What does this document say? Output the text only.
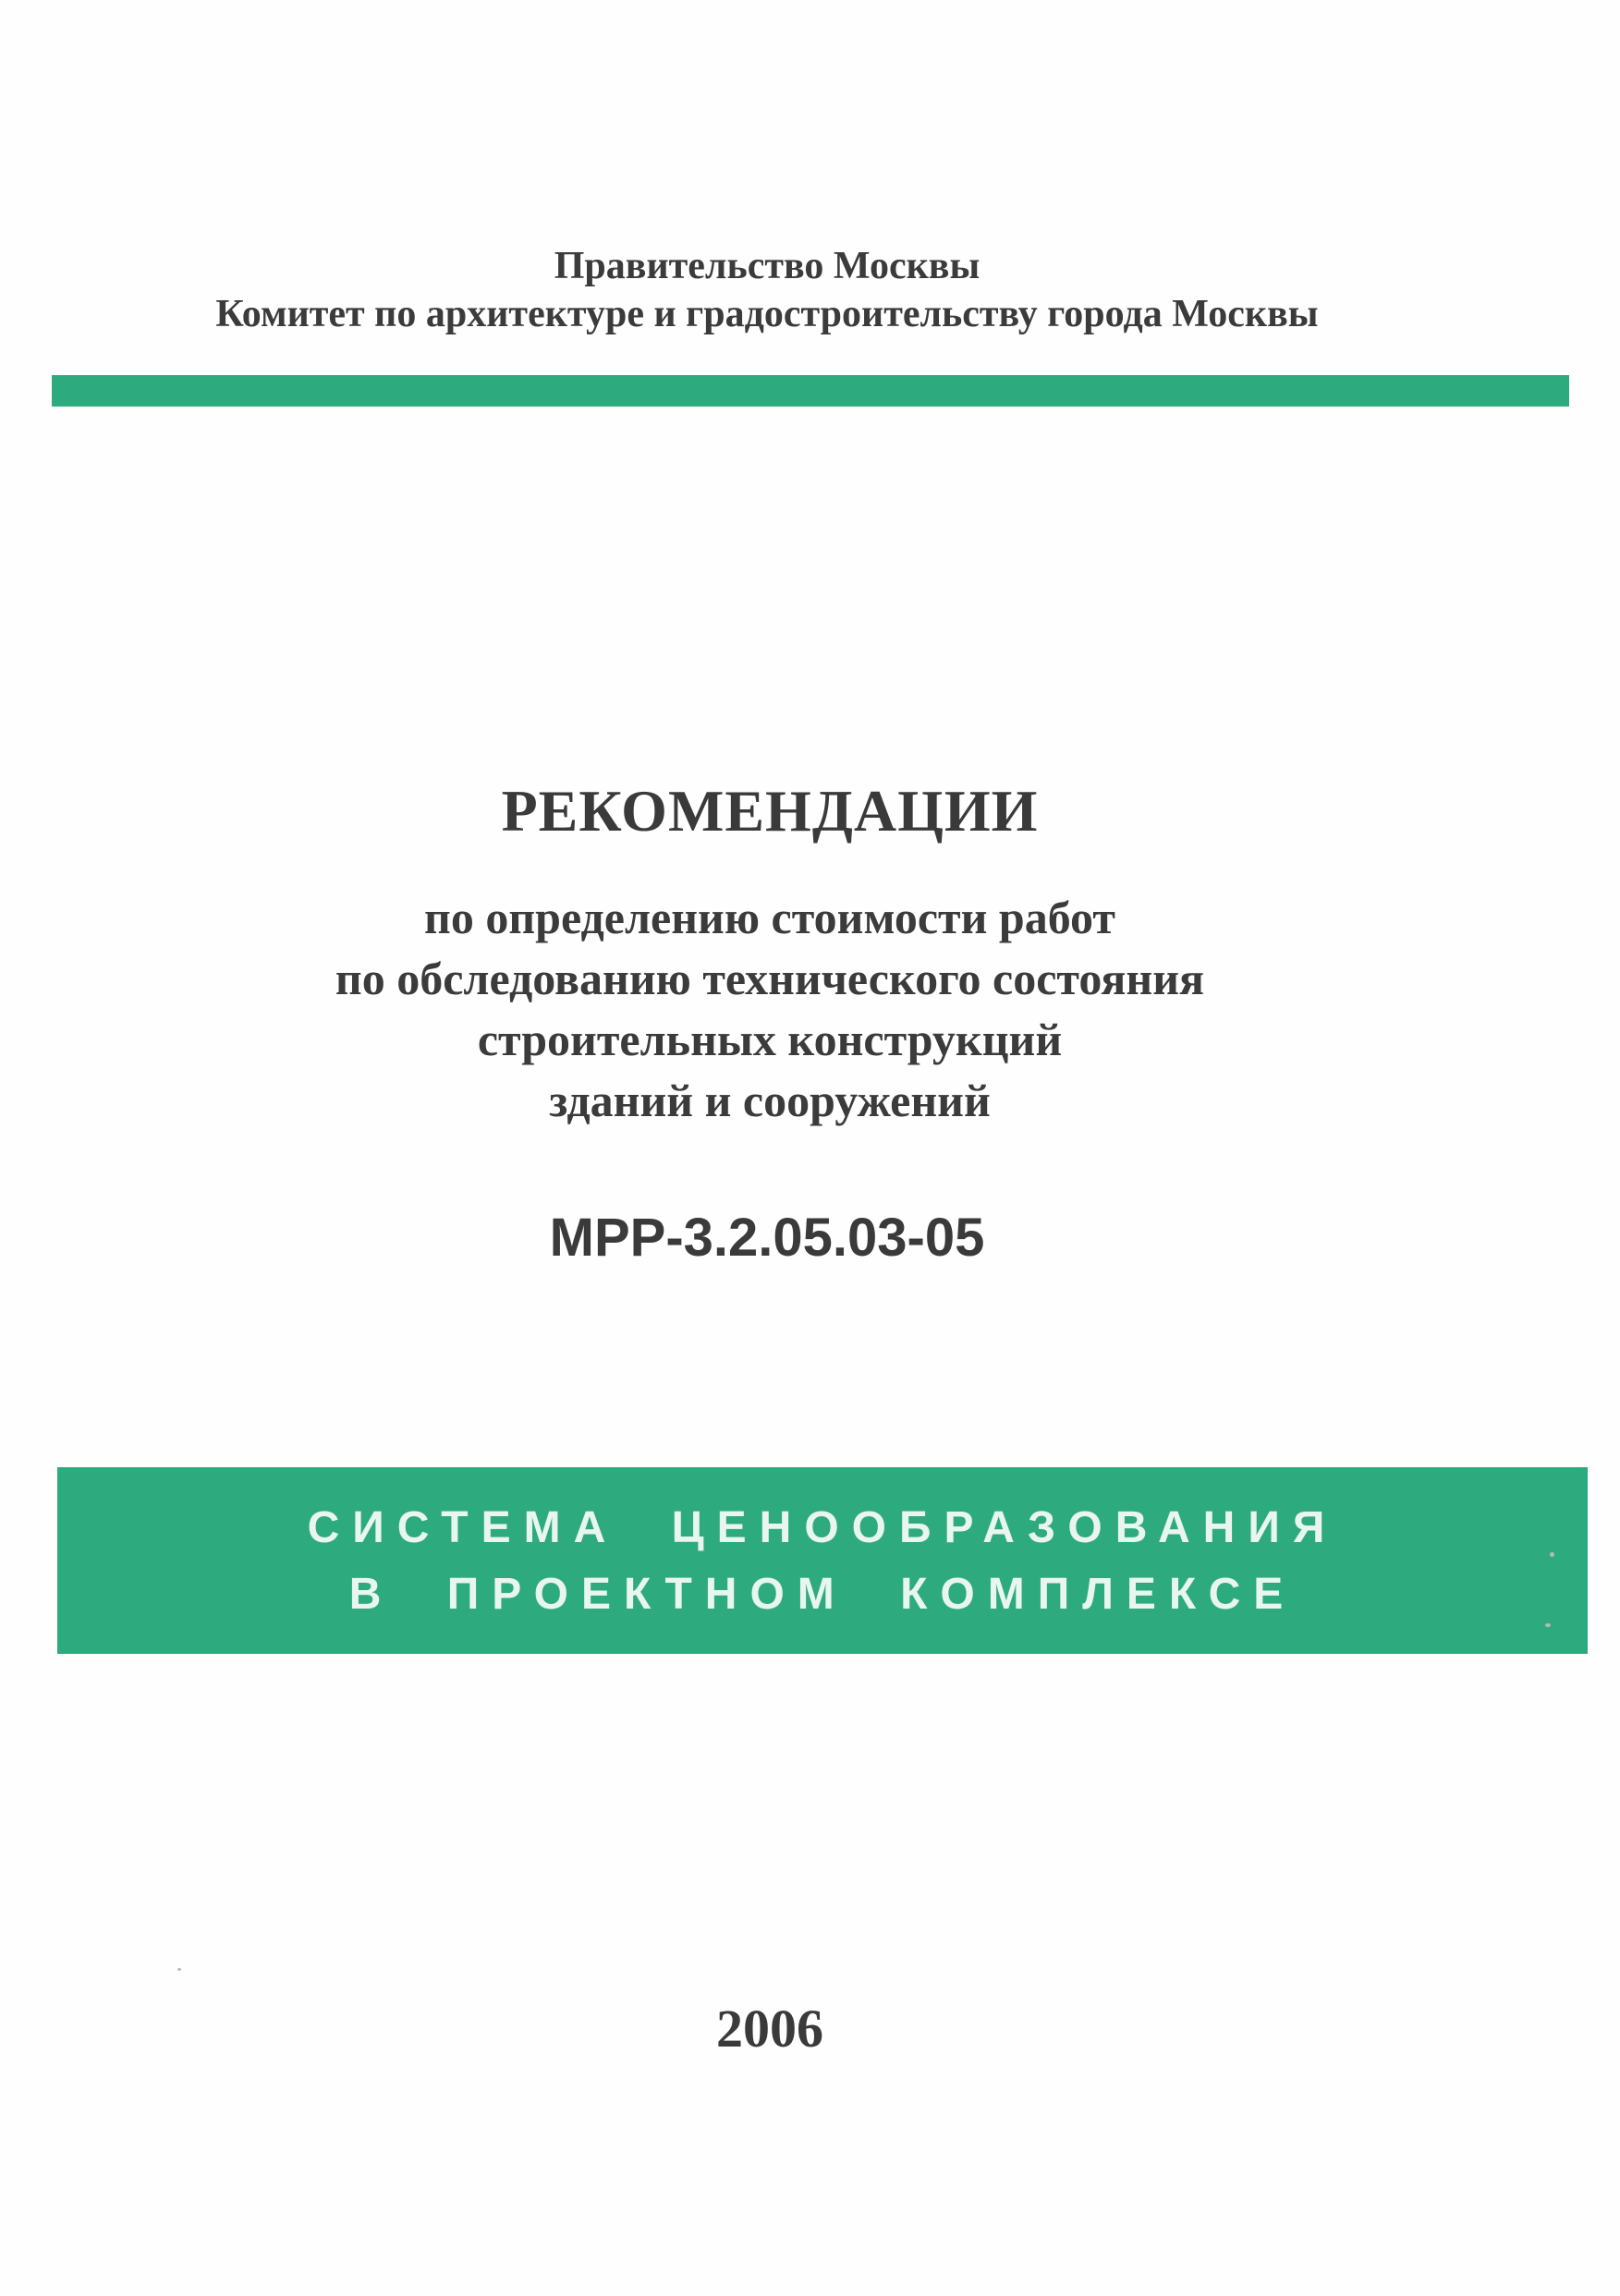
Правительство Москвы
Комитет по архитектуре и градостроительству города Москвы
РЕКОМЕНДАЦИИ
по определению стоимости работ
по обследованию технического состояния
строительных конструкций
зданий и сооружений
МРР-3.2.05.03-05
СИСТЕМА ЦЕНООБРАЗОВАНИЯ
В ПРОЕКТНОМ КОМПЛЕКСЕ
2006
